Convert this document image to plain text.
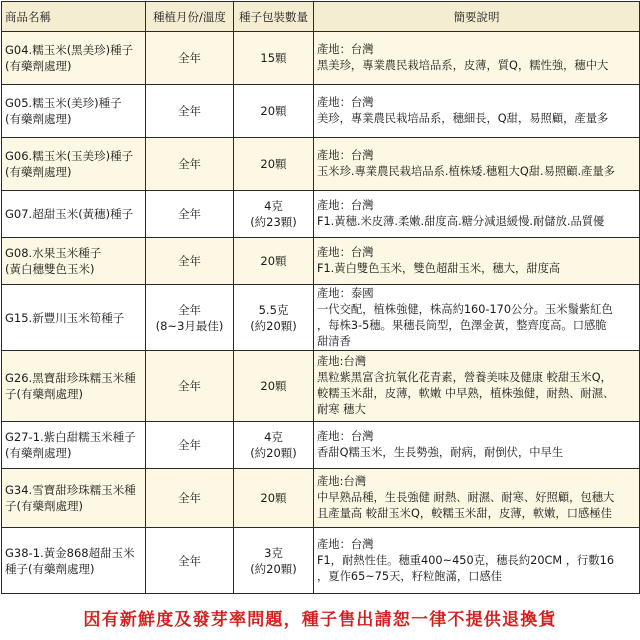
商品名稱	種植月份/溫度	種子包裝數量	簡要說明

G04.糯玉米(黑美珍)種子
(有藥劑處理)	全年	15顆	產地：台灣
黑美珍，專業農民栽培品系，皮薄，質Q，糯性強，穗中大

G05.糯玉米(美珍)種子
(有藥劑處理)	全年	20顆	產地：台灣
美珍，專業農民栽培品系，穗細長，Q甜，易照顧，產量多

G06.糯玉米(玉美珍)種子
(有藥劑處理)	全年	20顆	產地：台灣
玉米珍.專業農民栽培品系.植株矮.穗粗大Q甜.易照顧.產量多

G07.超甜玉米(黃穗)種子	全年	4克
(約23顆)	產地：台灣
F1.黃穗.米皮薄.柔嫩.甜度高.糖分減退緩慢.耐儲放.品質優

G08.水果玉米種子
(黃白穗雙色玉米)	全年	20顆	產地：台灣
F1.黃白雙色玉米，雙色超甜玉米，穗大，甜度高

G15.新豐川玉米筍種子	全年
(8~3月最佳)	5.5克
(約20顆)	產地：泰國
一代交配，植株強健，株高約160-170公分。玉米鬚紫紅色
，每株3-5穗。果穗長筒型，色澤金黃，整齊度高。口感脆
甜清香

G26.黑寶甜珍珠糯玉米種
子(有藥劑處理)	全年	20顆	產地:台灣
黑粒紫黑富含抗氧化花青素，營養美味及健康 較甜玉米Q，
較糯玉米甜，皮薄，軟嫩 中早熟，植株強健，耐熱、耐濕、
耐寒 穗大

G27-1.紫白甜糯玉米種子
(有藥劑處理)	全年	4克
(約20顆)	產地：台灣
香甜Q糯玉米，生長勢強，耐病，耐倒伏，中早生

G34.雪寶甜珍珠糯玉米種
子(有藥劑處理)	全年	20顆	產地:台灣
中早熟品種，生長強健 耐熱、耐濕、耐寒、好照顧，包穗大
且產量高 較甜玉米Q，較糯玉米甜，皮薄，軟嫩，口感極佳

G38-1.黃金868超甜玉米
種子(有藥劑處理)	全年	3克
(約20顆)	產地：台灣
F1，耐熱性佳。穗重400~450克，穗長約20CM ，行數16
，夏作65~75天，籽粒飽滿，口感佳
因有新鮮度及發芽率問題，種子售出請恕一律不提供退換貨
